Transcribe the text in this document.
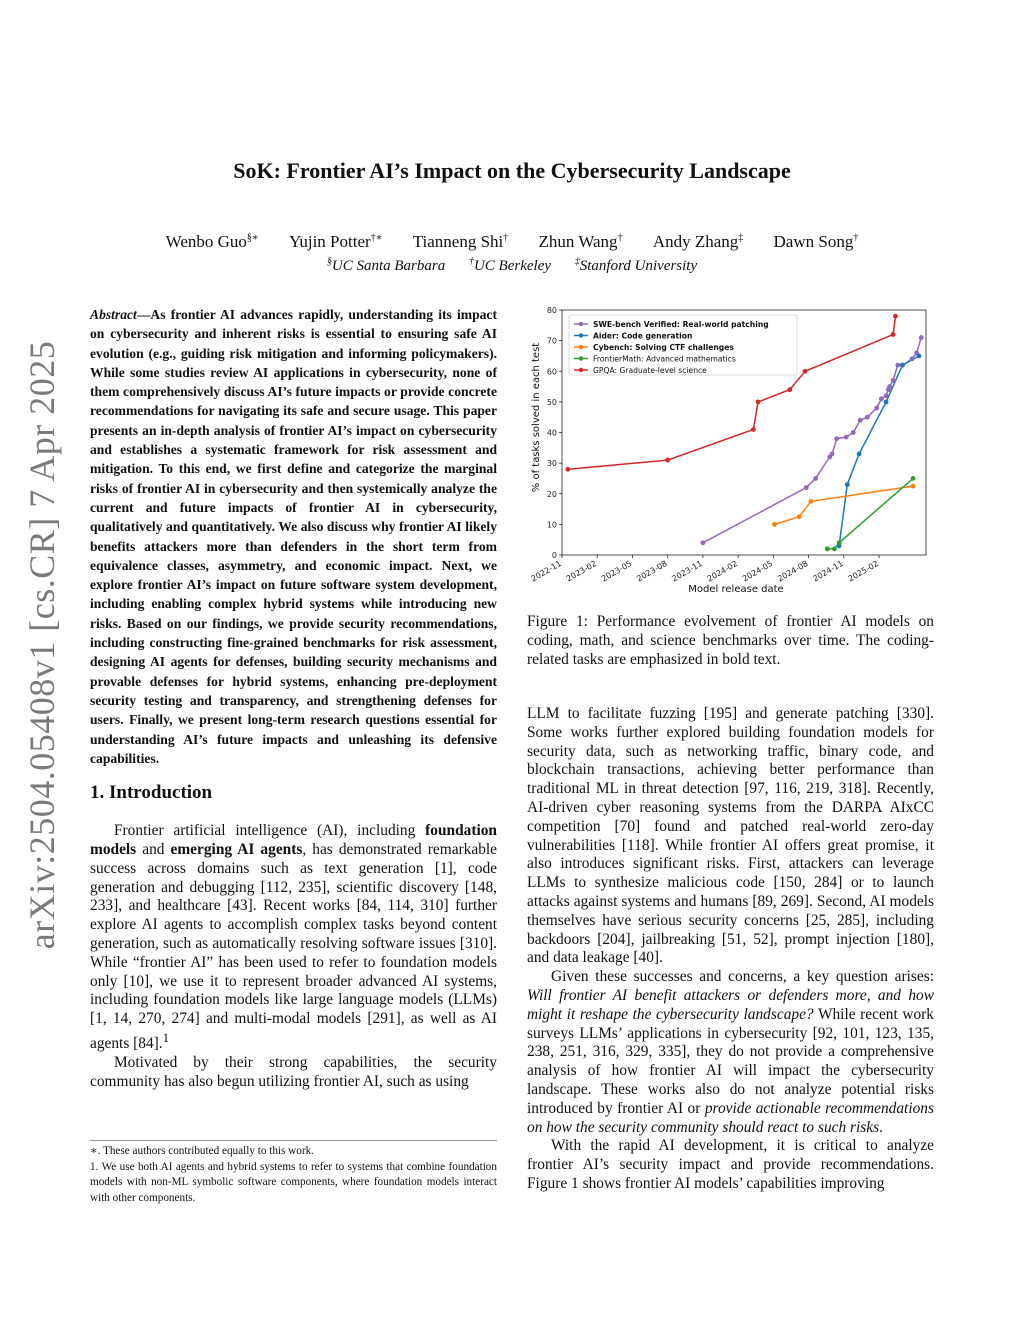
arXiv:2504.05408v1 [cs.CR] 7 Apr 2025
SoK: Frontier AI’s Impact on the Cybersecurity Landscape
Wenbo Guo§∗ Yujin Potter†∗ Tianneng Shi† Zhun Wang† Andy Zhang‡ Dawn Song†
§UC Santa Barbara †UC Berkeley ‡Stanford University

Abstract—As frontier AI advances rapidly, understanding its impact on cybersecurity and inherent risks is essential to ensuring safe AI evolution (e.g., guiding risk mitigation and informing policymakers). While some studies review AI applications in cybersecurity, none of them comprehensively discuss AI’s future impacts or provide concrete recommendations for navigating its safe and secure usage. This paper presents an in-depth analysis of frontier AI’s impact on cybersecurity and establishes a systematic framework for risk assessment and mitigation. To this end, we first define and categorize the marginal risks of frontier AI in cybersecurity and then systemically analyze the current and future impacts of frontier AI in cybersecurity, qualitatively and quantitatively. We also discuss why frontier AI likely benefits attackers more than defenders in the short term from equivalence classes, asymmetry, and economic impact. Next, we explore frontier AI’s impact on future software system development, including enabling complex hybrid systems while introducing new risks. Based on our findings, we provide security recommendations, including constructing fine-grained benchmarks for risk assessment, designing AI agents for defenses, building security mechanisms and provable defenses for hybrid systems, enhancing pre-deployment security testing and transparency, and strengthening defenses for users. Finally, we present long-term research questions essential for understanding AI’s future impacts and unleashing its defensive capabilities.

1. Introduction

Frontier artificial intelligence (AI), including foundation models and emerging AI agents, has demonstrated remarkable success across domains such as text generation [1], code generation and debugging [112, 235], scientific discovery [148, 233], and healthcare [43]. Recent works [84, 114, 310] further explore AI agents to accomplish complex tasks beyond content generation, such as automatically resolving software issues [310]. While “frontier AI” has been used to refer to foundation models only [10], we use it to represent broader advanced AI systems, including foundation models like large language models (LLMs) [1, 14, 270, 274] and multi-modal models [291], as well as AI agents [84].$^1$

Motivated by their strong capabilities, the security community has also begun utilizing frontier AI, such as using

∗. These authors contributed equally to this work.

1. We use both AI agents and hybrid systems to refer to systems that combine foundation models with non-ML symbolic software components, where foundation models interact with other components.

0
10
20
30
40
50
60
70
80
2022-11 2023-02 2023-05 2023-08 2023-11 2024-02 2024-05 2024-08 2024-11 2025-02
Model release date
% of tasks solved in each test
SWE-bench Verified: Real-world patching
Aider: Code generation
Cybench: Solving CTF challenges
FrontierMath: Advanced mathematics
GPQA: Graduate-level science

Figure 1: Performance evolvement of frontier AI models on coding, math, and science benchmarks over time. The coding-related tasks are emphasized in bold text.

LLM to facilitate fuzzing [195] and generate patching [330]. Some works further explored building foundation models for security data, such as networking traffic, binary code, and blockchain transactions, achieving better performance than traditional ML in threat detection [97, 116, 219, 318]. Recently, AI-driven cyber reasoning systems from the DARPA AIxCC competition [70] found and patched real-world zero-day vulnerabilities [118]. While frontier AI offers great promise, it also introduces significant risks. First, attackers can leverage LLMs to synthesize malicious code [150, 284] or to launch attacks against systems and humans [89, 269]. Second, AI models themselves have serious security concerns [25, 285], including backdoors [204], jailbreaking [51, 52], prompt injection [180], and data leakage [40].

Given these successes and concerns, a key question arises: Will frontier AI benefit attackers or defenders more, and how might it reshape the cybersecurity landscape? While recent work surveys LLMs’ applications in cybersecurity [92, 101, 123, 135, 238, 251, 316, 329, 335], they do not provide a comprehensive analysis of how frontier AI will impact the cybersecurity landscape. These works also do not analyze potential risks introduced by frontier AI or provide actionable recommendations on how the security community should react to such risks.

With the rapid AI development, it is critical to analyze frontier AI’s security impact and provide recommendations. Figure 1 shows frontier AI models’ capabilities improving
